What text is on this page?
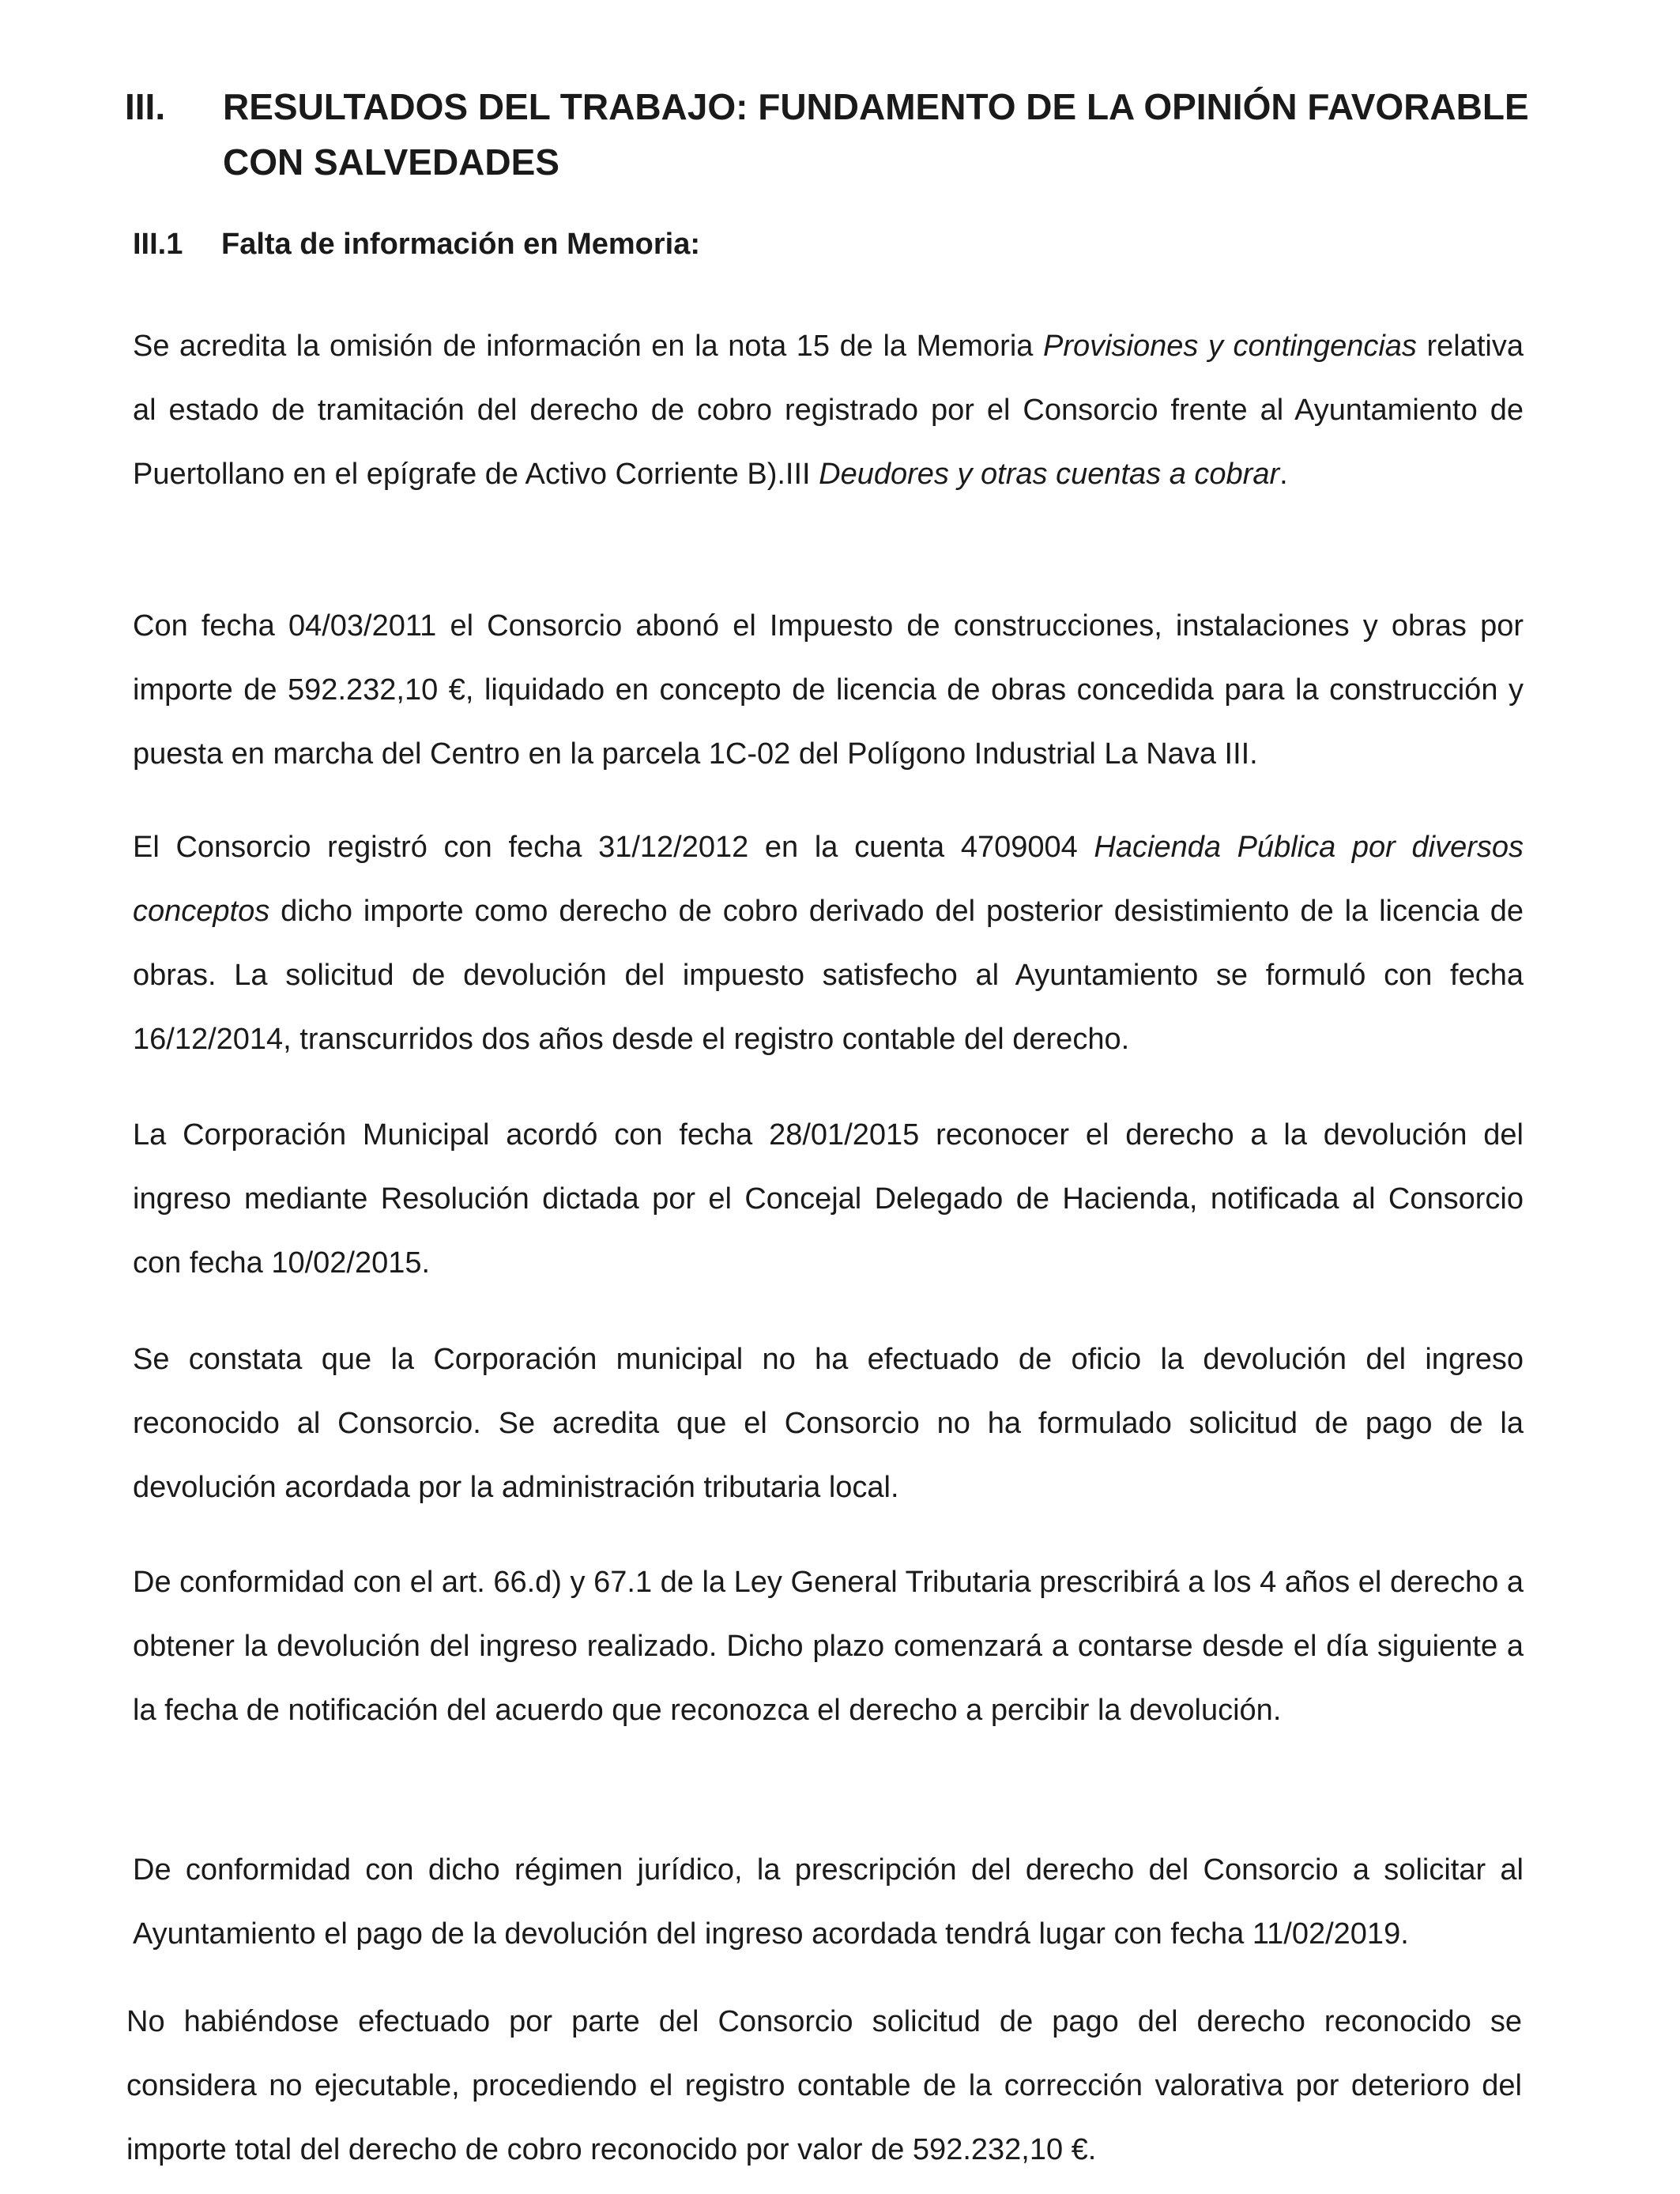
III.	RESULTADOS DEL TRABAJO: FUNDAMENTO DE LA OPINIÓN FAVORABLE CON SALVEDADES
III.1 Falta de información en Memoria:

Se acredita la omisión de información en la nota 15 de la Memoria Provisiones y contingencias relativa al estado de tramitación del derecho de cobro registrado por el Consorcio frente al Ayuntamiento de Puertollano en el epígrafe de Activo Corriente B).III Deudores y otras cuentas a cobrar.

Con fecha 04/03/2011 el Consorcio abonó el Impuesto de construcciones, instalaciones y obras por importe de 592.232,10 €, liquidado en concepto de licencia de obras concedida para la construcción y puesta en marcha del Centro en la parcela 1C-02 del Polígono Industrial La Nava III.

El Consorcio registró con fecha 31/12/2012 en la cuenta 4709004 Hacienda Pública por diversos conceptos dicho importe como derecho de cobro derivado del posterior desistimiento de la licencia de obras. La solicitud de devolución del impuesto satisfecho al Ayuntamiento se formuló con fecha 16/12/2014, transcurridos dos años desde el registro contable del derecho.

La Corporación Municipal acordó con fecha 28/01/2015 reconocer el derecho a la devolución del ingreso mediante Resolución dictada por el Concejal Delegado de Hacienda, notificada al Consorcio con fecha 10/02/2015.

Se constata que la Corporación municipal no ha efectuado de oficio la devolución del ingreso reconocido al Consorcio. Se acredita que el Consorcio no ha formulado solicitud de pago de la devolución acordada por la administración tributaria local.

De conformidad con el art. 66.d) y 67.1 de la Ley General Tributaria prescribirá a los 4 años el derecho a obtener la devolución del ingreso realizado. Dicho plazo comenzará a contarse desde el día siguiente a la fecha de notificación del acuerdo que reconozca el derecho a percibir la devolución.

De conformidad con dicho régimen jurídico, la prescripción del derecho del Consorcio a solicitar al Ayuntamiento el pago de la devolución del ingreso acordada tendrá lugar con fecha 11/02/2019.

No habiéndose efectuado por parte del Consorcio solicitud de pago del derecho reconocido se considera no ejecutable, procediendo el registro contable de la corrección valorativa por deterioro del importe total del derecho de cobro reconocido por valor de 592.232,10 €.
